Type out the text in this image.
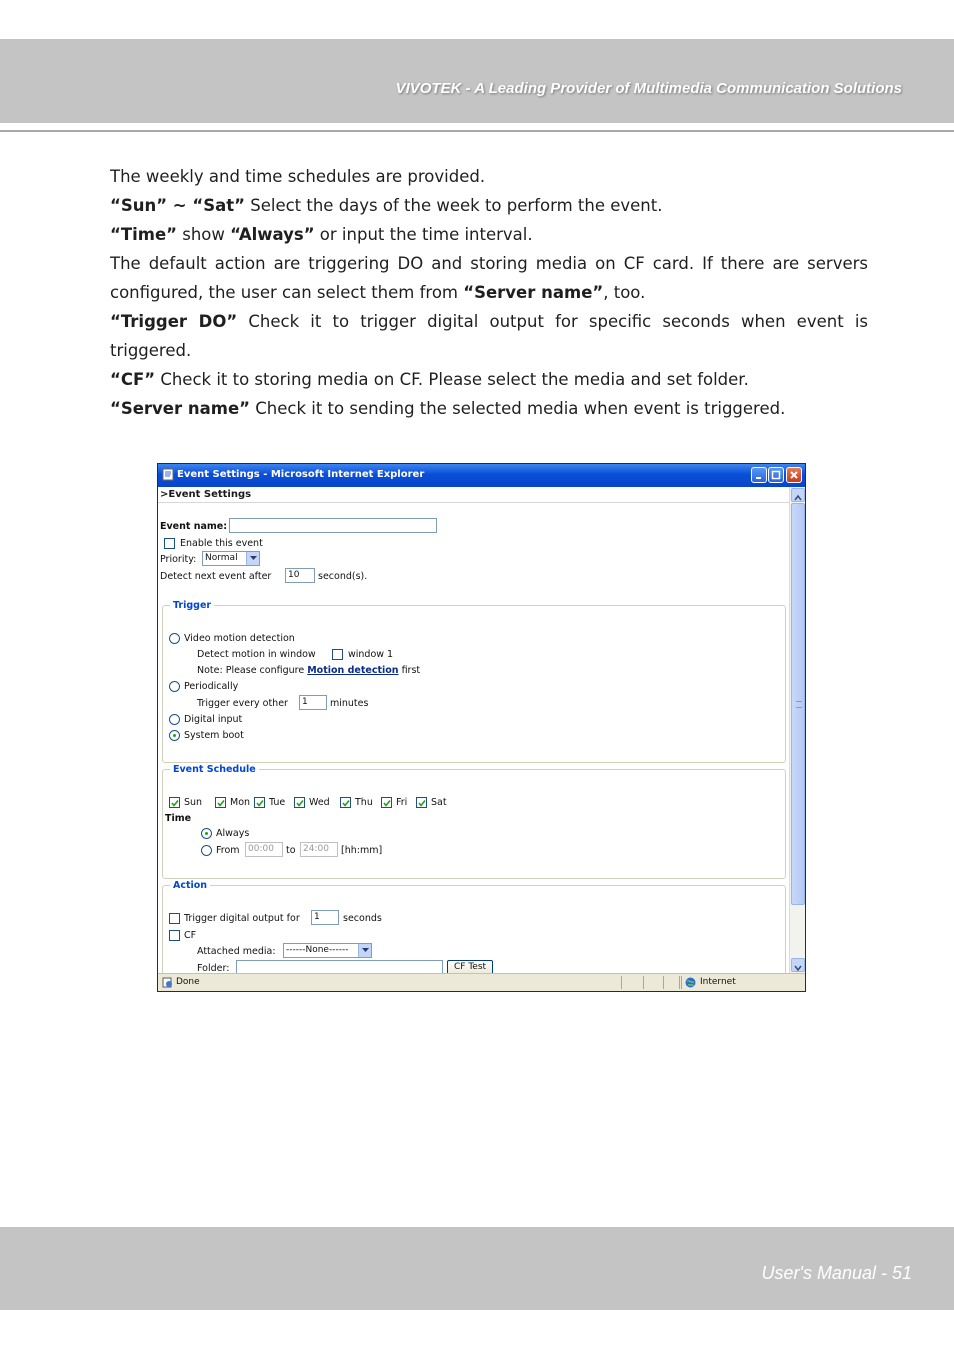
VIVOTEK - A Leading Provider of Multimedia Communication Solutions

The weekly and time schedules are provided.

“Sun” ~ “Sat” Select the days of the week to perform the event.

“Time” show “Always” or input the time interval.

The default action are triggering DO and storing media on CF card. If there are servers configured, the user can select them from “Server name”, too.

“Trigger DO” Check it to trigger digital output for specific seconds when event is triggered.

“CF” Check it to storing media on CF. Please select the media and set folder.

“Server name” Check it to sending the selected media when event is triggered.

Event Settings - Microsoft Internet Explorer
>Event Settings
Event name:
Enable this event
Priority: Normal
Detect next event after	10	second(s).
Trigger
Video motion detection
Detect motion in window	window 1
Note: Please configure Motion detection first
Periodically
Trigger every other	1	minutes
Digital input
System boot
Event Schedule
Time
Always
From 00:00	to 24:00	[hh:mm]
Action
Trigger digital output for	1	seconds
CF
Attached media:	------None------
Folder:	CF Test
Sun	Mon Tue	Wed	Thu Fri Sat
Done	Internet
User's Manual - 51
